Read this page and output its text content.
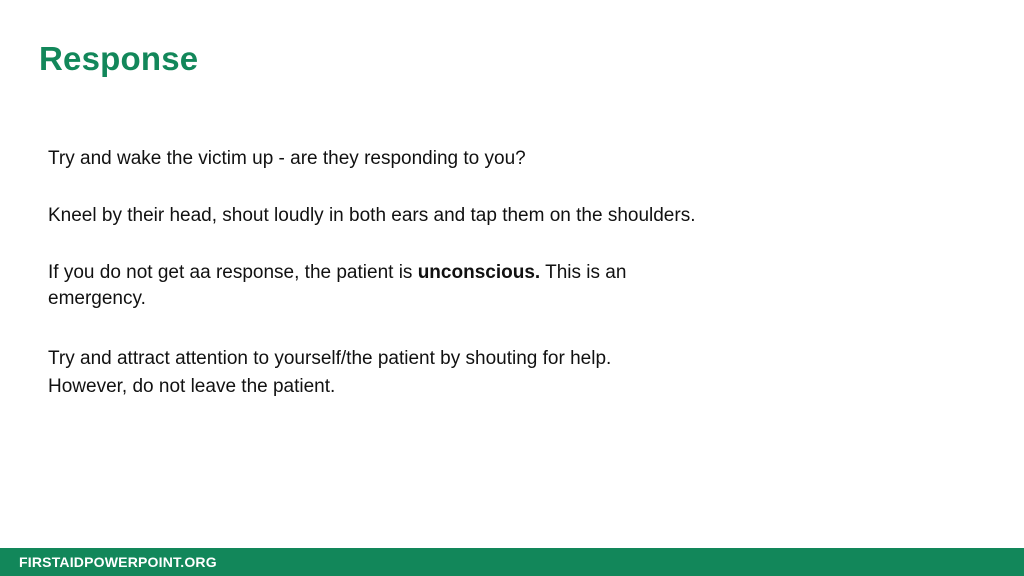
Response

Try and wake the victim up - are they responding to you?

Kneel by their head, shout loudly in both ears and tap them on the shoulders.

If you do not get aa response, the patient is unconscious. This is an emergency.

Try and attract attention to yourself/the patient by shouting for help.
However, do not leave the patient.

FIRSTAIDPOWERPOINT.ORG
